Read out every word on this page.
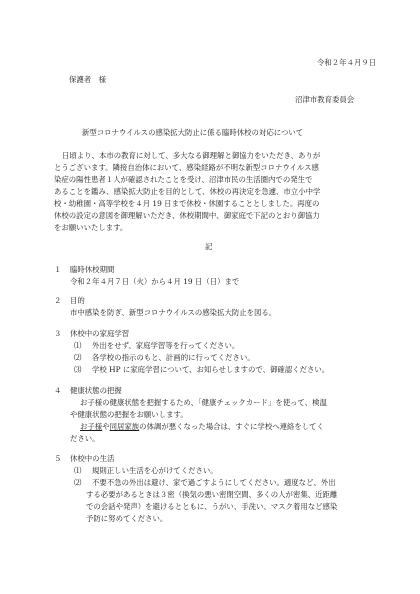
令和２年４月９日
保護者　様
沼津市教育委員会
新型コロナウイルスの感染拡大防止に係る臨時休校の対応について
日頃より、本市の教育に対して、多大なる御理解と御協力をいただき、ありが
とうございます。隣接自治体において、感染経路が不明な新型コロナウイルス感
染症の陽性患者１人が確認されたことを受け、沼津市民の生活圏内での発生で
あることを鑑み、感染拡大防止を目的として、休校の再決定を急遽、市立小中学
校・幼稚園・高等学校を４月 19 日まで休校・休園することとしました。再度の
休校の設定の意図を御理解いただき、休校期間中、御家庭で下記のとおり御協力
をお願いいたします。
記
１ 臨時休校期間
令和２年４月７日（火）から４月 19 日（日）まで
２ 目的
市中感染を防ぎ、新型コロナウイルスの感染拡大防止を図る。
３ 休校中の家庭学習
⑴ 外出をせず、家庭学習等を行ってください。
⑵ 各学校の指示のもと、計画的に行ってください。
⑶ 学校 HP に家庭学習について、お知らせしますので、御確認ください。
４ 健康状態の把握
お子様の健康状態を把握するため、「健康チェックカード」を使って、検温
や健康状態の把握をお願いします。
お子様や同居家族の体調が悪くなった場合は、すぐに学校へ連絡をしてく
ださい。
５ 休校中の生活
⑴ 規則正しい生活を心がけてください。
⑵ 不要不急の外出は避け、家で過ごすようにしてください。適度など、外出
する必要があるときは３密（換気の悪い密閉空間、多くの人が密集、近距離
での会話や発声）を避けるとともに、うがい、手洗い、マスク着用など感染
予防に努めてください。
